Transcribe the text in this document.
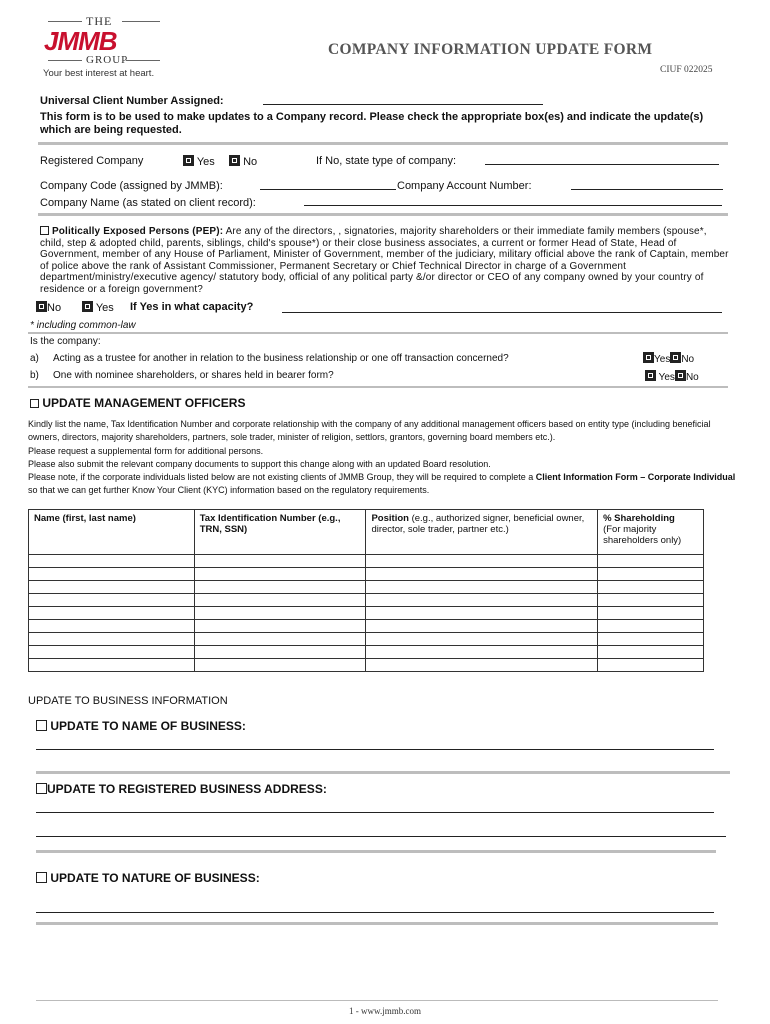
THE
JMMB
GROUP
Your best interest at heart.
COMPANY INFORMATION UPDATE FORM
CIUF 022025
Universal Client Number Assigned:
This form is to be used to make updates to a Company record. Please check the appropriate box(es) and indicate the update(s) which are being requested.
Registered Company	Yes	No	If No, state type of company:
Company Code (assigned by JMMB):	Company Account Number:
Company Name (as stated on client record):
Politically Exposed Persons (PEP): Are any of the directors, , signatories, majority shareholders or their immediate family members (spouse*, child, step & adopted child, parents, siblings, child's spouse*) or their close business associates, a current or former Head of State, Head of Government, member of any House of Parliament, Minister of Government, member of the judiciary, military official above the rank of Captain, member of police above the rank of Assistant Commissioner, Permanent Secretary or Chief Technical Director in charge of a Government department/ministry/executive agency/ statutory body, official of any political party &/or director or CEO of any company owned by your country of residence or a foreign government?
No	Yes If Yes in what capacity?
* including common-law
Is the company:
a) Acting as a trustee for another in relation to the business relationship or one off transaction concerned?	Yes No
b) One with nominee shareholders, or shares held in bearer form?	Yes No
UPDATE MANAGEMENT OFFICERS
Kindly list the name, Tax Identification Number and corporate relationship with the company of any additional management officers based on entity type (including beneficial owners, directors, majority shareholders, partners, sole trader, minister of religion, settlors, grantors, governing board members etc.).
Please request a supplemental form for additional persons.
Please also submit the relevant company documents to support this change along with an updated Board resolution.
Please note, if the corporate individuals listed below are not existing clients of JMMB Group, they will be required to complete a Client Information Form – Corporate Individual so that we can get further Know Your Client (KYC) information based on the regulatory requirements.
Name (first, last name)	Tax Identification Number (e.g., TRN, SSN)	Position (e.g., authorized signer, beneficial owner, director, sole trader, partner etc.)	% Shareholding
(For majority shareholders only)

UPDATE TO BUSINESS INFORMATION
UPDATE TO NAME OF BUSINESS:
UPDATE TO REGISTERED BUSINESS ADDRESS:
UPDATE TO NATURE OF BUSINESS:
1 - www.jmmb.com
